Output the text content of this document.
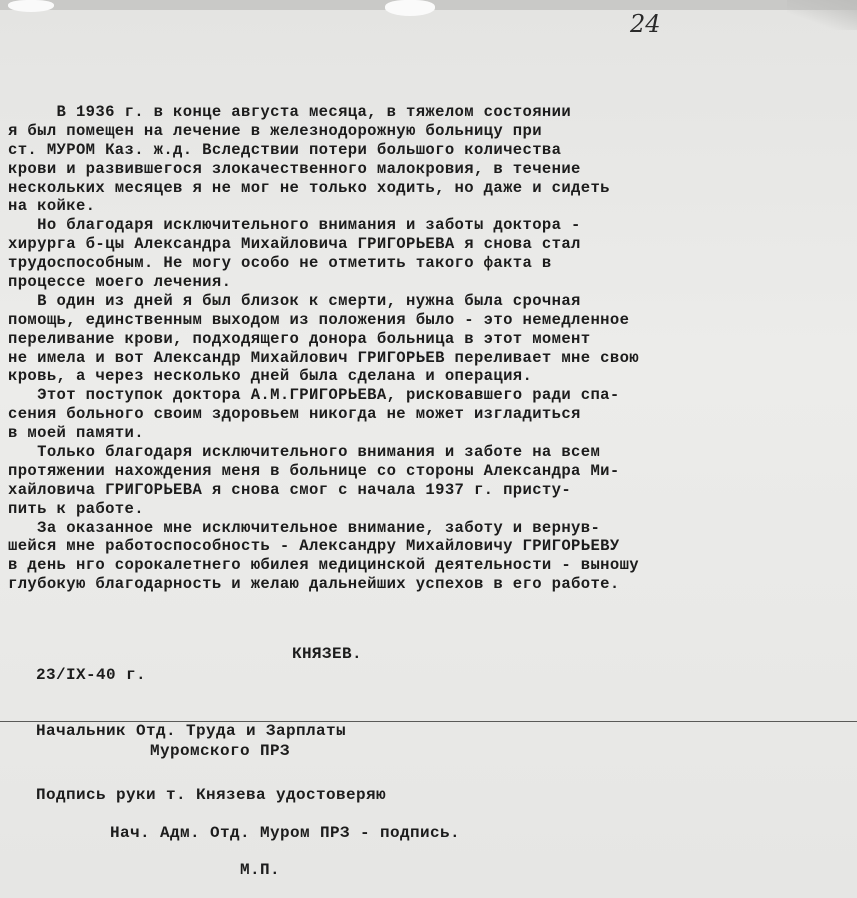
24
В 1936 г. в конце августа месяца, в тяжелом состоянии
я был помещен на лечение в железнодорожную больницу при
ст. МУРОМ Каз. ж.д. Вследствии потери большого количества
крови и развившегося злокачественного малокровия, в течение
нескольких месяцев я не мог не только ходить, но даже и сидеть
на койке.
Но благодаря исключительного внимания и заботы доктора -
хирурга б-цы Александра Михайловича ГРИГОРЬЕВА я снова стал
трудоспособным. Не могу особо не отметить такого факта в
процессе моего лечения.
В один из дней я был близок к смерти, нужна была срочная
помощь, единственным выходом из положения было - это немедленное
переливание крови, подходящего донора больница в этот момент
не имела и вот Александр Михайлович ГРИГОРЬЕВ переливает мне свою
кровь, а через несколько дней была сделана и операция.
Этот поступок доктора А.М.ГРИГОРЬЕВА, рисковавшего ради спа-
сения больного своим здоровьем никогда не может изгладиться
в моей памяти.
Только благодаря исключительного внимания и заботе на всем
протяжении нахождения меня в больнице со стороны Александра Ми-
хайловича ГРИГОРЬЕВА я снова смог с начала 1937 г. присту-
пить к работе.
За оказанное мне исключительное внимание, заботу и вернув-
шейся мне работоспособность - Александру Михайловичу ГРИГОРЬЕВУ
в день нго сорокалетнего юбилея медицинской деятельности - выношу
глубокую благодарность и желаю дальнейших успехов в его работе.
КНЯЗЕВ.
23/IX-40 г.
Начальник Отд. Труда и Зарплаты
Муромского ПРЗ
Подпись руки т. Князева удостоверяю
Нач. Адм. Отд. Муром ПРЗ - подпись.
М.П.
